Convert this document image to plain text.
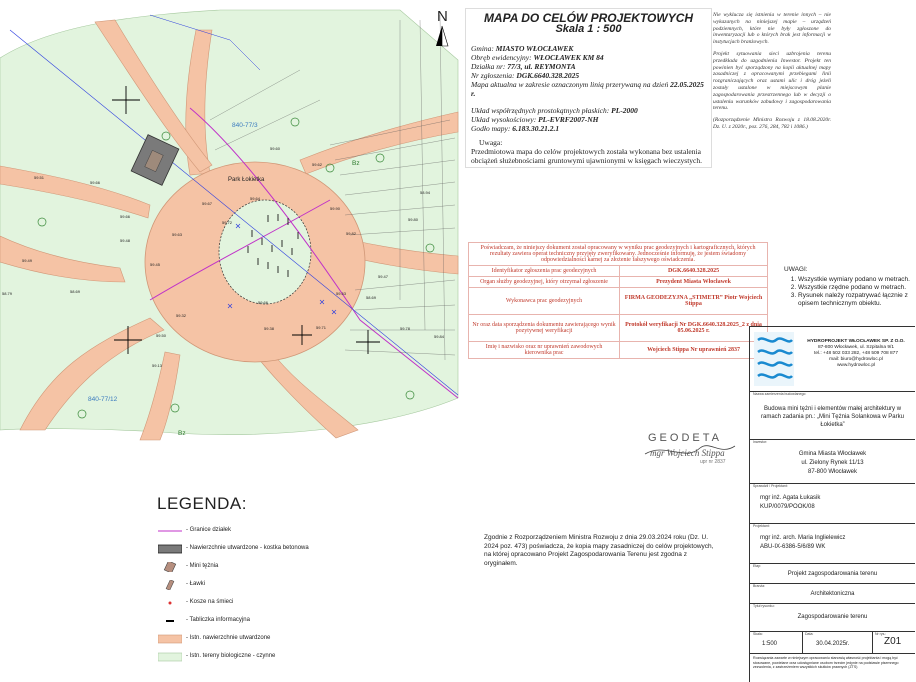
N
Park Łokietka
840-77/3
840-77/12
Bz
Bz
59.51
59.66
59.66
58.69
58.79
59.48
59.72
59.82
59.90
59.62
59.67
59.64
59.45
59.32
59.38	59.71
59.53
59.47
58.69
59.80
59.78
59.84
58.94
59.13
59.50
59.63
59.60
59.66
59.49
MAPA DO CELÓW PROJEKTOWYCH
Skala 1 : 500
Gmina: MIASTO WŁOCŁAWEK
Obręb ewidencyjny: WŁOCŁAWEK KM 84
Działka nr: 77/3, ul. REYMONTA
Nr zgłoszenia: DGK.6640.328.2025
Mapa aktualna w zakresie oznaczonym linią przerywaną na dzień 22.05.2025 r.
Układ współrzędnych prostokątnych płaskich: PL-2000
Układ wysokościowy: PL-EVRF2007-NH
Godło mapy: 6.183.30.21.2.1
Uwaga:
Przedmiotowa mapa do celów projektowych została wykonana bez ustalenia obciążeń służebnościami gruntowymi ujawnionymi w księgach wieczystych.

Nie wyklucza się istnienia w terenie innych – nie wykazanych na niniejszej mapie – urządzeń podziemnych, które nie były zgłoszone do inwentaryzacji lub o których brak jest informacji w instytucjach branżowych.

Projekt sytuowania sieci uzbrojenia terenu przedkłada do uzgodnienia Inwestor. Projekt ten powinien być sporządzony na kopii aktualnej mapy zasadniczej z opracowanymi przebiegami linii rozgraniczających oraz ustami ulic i dróg jeżeli zostały ustalone w miejscowym planie zagospodarowania przestrzennego lub w decyzji o ustaleniu warunków zabudowy i zagospodarowania terenu.

(Rozporządzenie Ministra Rozwoju z 18.08.2020r. Dz. U. z 2020r., poz. 276, 284, 782 i 1086.)

Poświadczam, że niniejszy dokument został opracowany w wyniku prac geodezyjnych i kartograficznych, których rezultaty zawiera operat techniczny przyjęty zweryfikowany. Jednocześnie informuję, że jestem świadomy odpowiedzialności karnej za złożenie fałszywego oświadczenia.	
Identyfikator zgłoszenia prac geodezyjnych	DGK.6640.328.2025
Organ służby geodezyjnej, który otrzymał zgłoszenie	Prezydent Miasta Włocławek
Wykonawca prac geodezyjnych	FIRMA GEODEZYJNA „STIMETR” Piotr Wojciech Stippa
Nr oraz data sporządzenia dokumentu zawierającego wynik pozytywnej weryfikacji	Protokół weryfikacji Nr DGK.6640.328.2025_2 z dnia 05.06.2025 r.
Imię i nazwisko oraz nr uprawnień zawodowych kierownika prac	Wojciech Stippa Nr uprawnień 2837
UWAGI:
1. Wszystkie wymiary podano w metrach.
2. Wszystkie rzędne podano w metrach.
3. Rysunek należy rozpatrywać łącznie z opisem technicznym obiektu.
GEODETA
mgr Wojciech Stippa
upr nr 2837
LEGENDA:
- Granice działek
- Nawierzchnie utwardzone - kostka betonowa
- Mini tężnia
- Ławki
- Kosze na śmieci
- Tabliczka informacyjna
- Istn. nawierzchnie utwardzone
- Istn. tereny biologiczne - czynne
Zgodnie z Rozporządzeniem Ministra Rozwoju z dnia 29.03.2024 roku (Dz. U. 2024 poz. 473) poświadcza, że kopia mapy zasadniczej do celów projektowych, na której opracowano Projekt Zagospodarowania Terenu jest zgodna z oryginałem.
HYDROPROJEKT WŁOCŁAWEK SP. Z O.O.
87-800 Włocławek, ul. Szpitalna 9/1
tel.: +48 502 033 282, +48 509 708 877
mail: biuro@hydrowloc.pl
www.hydrowloc.pl
Nazwa zamierzenia budowlanego:
Budowa mini tężni i elementów małej architektury w ramach zadania pn.: „Mini Tężnia Solankowa w Parku Łokietka”
Inwestor:
Gmina Miasta Włocławek
ul. Zielony Rynek 11/13
87-800 Włocławek
Sprawdził / Projektant:
mgr inż. Agata Łukasik
KUP/0079/POOK/08
Projektant:
mgr inż. arch. Maria Inglielewicz
ABU-IX-6386-5/6/89 WK
Etap:
Projekt zagospodarowania terenu
Branża:
Architektoniczna
Tytuł rysunku:
Zagospodarowanie terenu
Skala:
1:500
Data:
30.04.2025r.
Nr rys.:
Z01
Rozwiązania zawarte w niniejszym opracowaniu stanowią własność projektanta i mogą być stosowane, powielane oraz udostępniane osobom trzecim jedynie na podstawie pisemnego zezwolenia, z zastrzeżeniem wszystkich skutków prawnych (ZTS)
